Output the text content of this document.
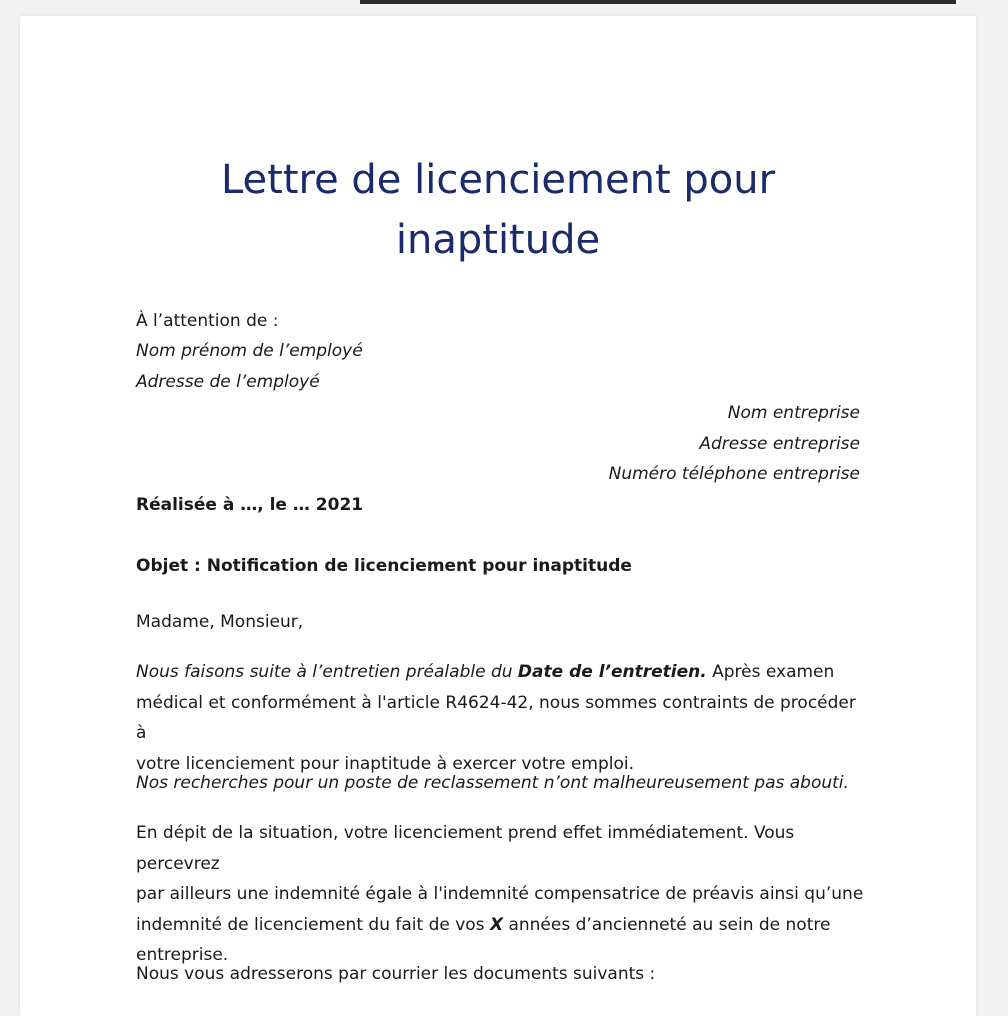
Lettre de licenciement pour
inaptitude
À l’attention de :
Nom prénom de l’employé
Adresse de l’employé
Nom entreprise
Adresse entreprise
Numéro téléphone entreprise
Réalisée à …, le … 2021
Objet : Notification de licenciement pour inaptitude
Madame, Monsieur,
Nous faisons suite à l’entretien préalable du Date de l’entretien. Après examen
médical et conformément à l'article R4624-42, nous sommes contraints de procéder à
votre licenciement pour inaptitude à exercer votre emploi.
Nos recherches pour un poste de reclassement n’ont malheureusement pas abouti.
En dépit de la situation, votre licenciement prend effet immédiatement. Vous percevrez
par ailleurs une indemnité égale à l'indemnité compensatrice de préavis ainsi qu’une
indemnité de licenciement du fait de vos X années d’ancienneté au sein de notre
entreprise.
Nous vous adresserons par courrier les documents suivants :
